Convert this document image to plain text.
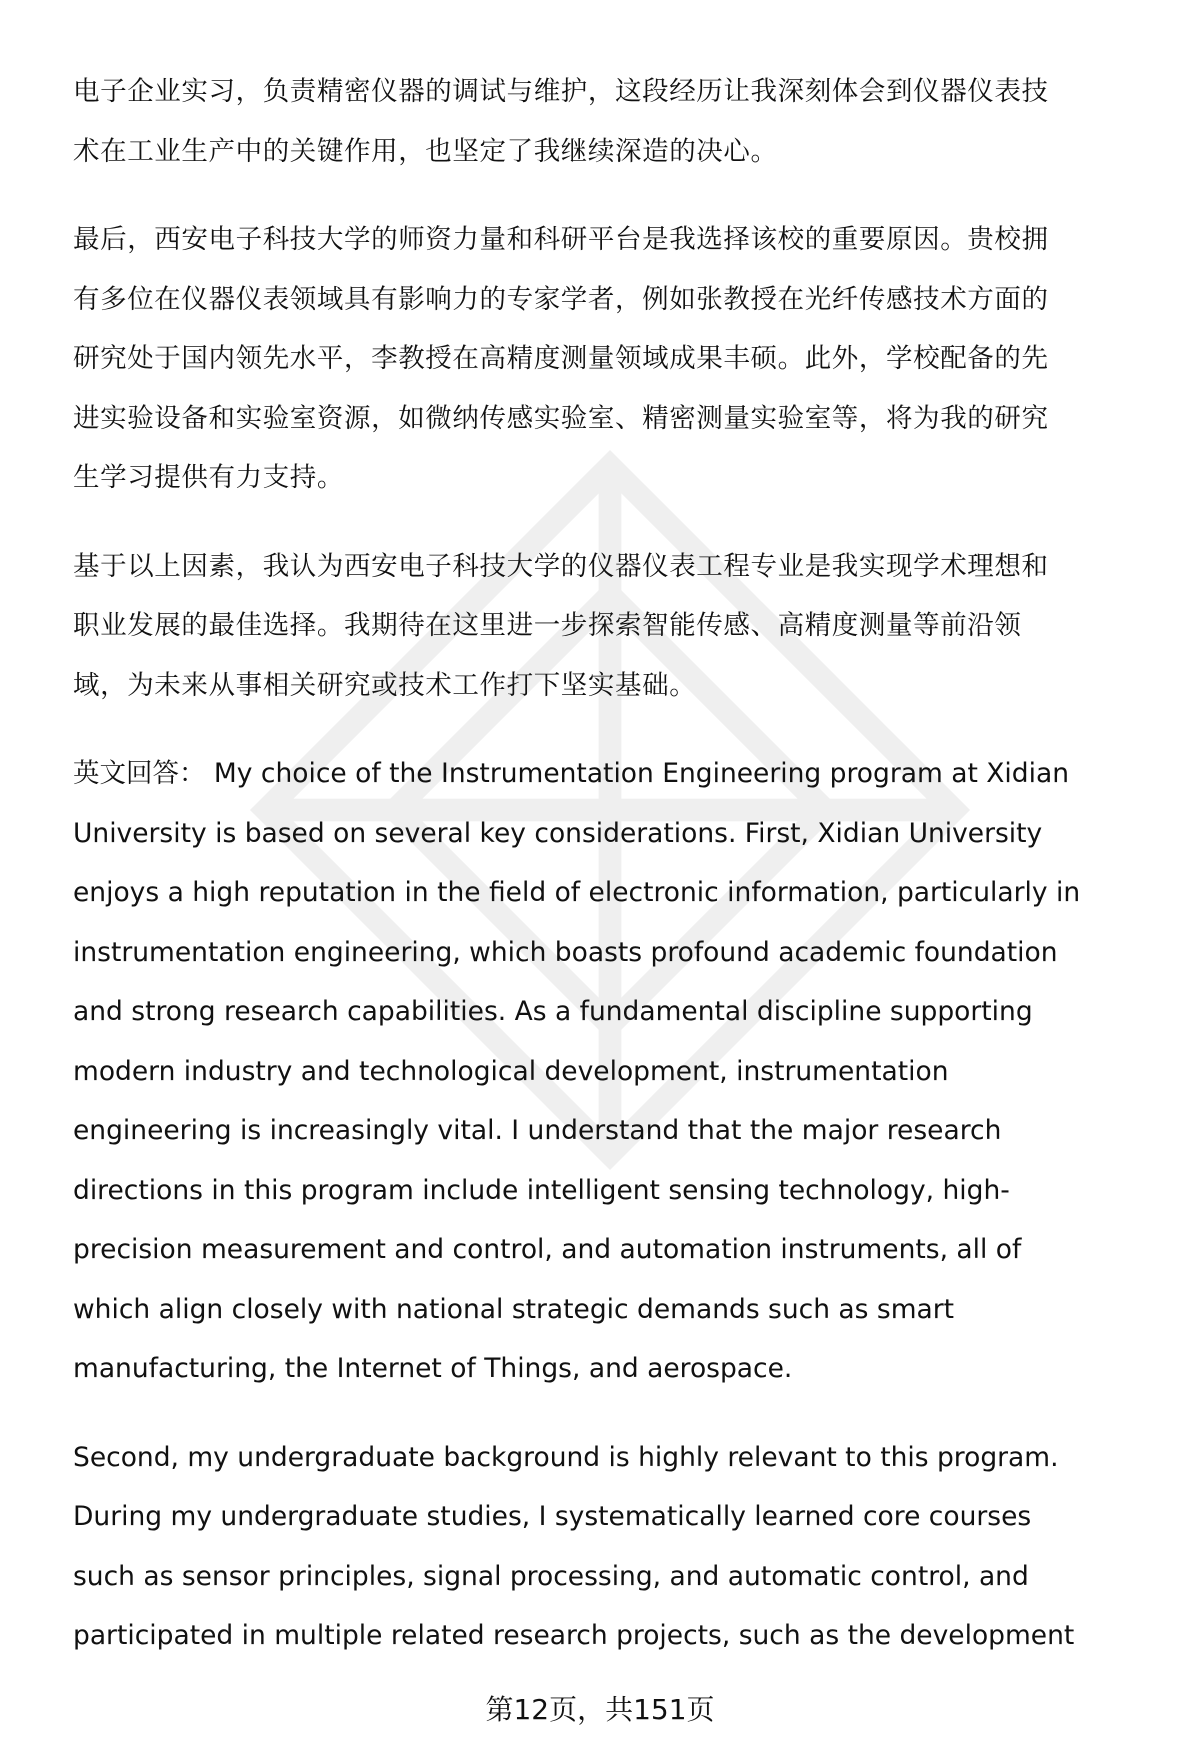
电子企业实习，负责精密仪器的调试与维护，这段经历让我深刻体会到仪器仪表技
术在工业生产中的关键作用，也坚定了我继续深造的决心。

最后，西安电子科技大学的师资力量和科研平台是我选择该校的重要原因。贵校拥
有多位在仪器仪表领域具有影响力的专家学者，例如张教授在光纤传感技术方面的
研究处于国内领先水平，李教授在高精度测量领域成果丰硕。此外，学校配备的先
进实验设备和实验室资源，如微纳传感实验室、精密测量实验室等，将为我的研究
生学习提供有力支持。

基于以上因素，我认为西安电子科技大学的仪器仪表工程专业是我实现学术理想和
职业发展的最佳选择。我期待在这里进一步探索智能传感、高精度测量等前沿领
域，为未来从事相关研究或技术工作打下坚实基础。

英文回答： My choice of the Instrumentation Engineering program at Xidian
University is based on several key considerations. First, Xidian University
enjoys a high reputation in the field of electronic information, particularly in
instrumentation engineering, which boasts profound academic foundation
and strong research capabilities. As a fundamental discipline supporting
modern industry and technological development, instrumentation
engineering is increasingly vital. I understand that the major research
directions in this program include intelligent sensing technology, high-
precision measurement and control, and automation instruments, all of
which align closely with national strategic demands such as smart
manufacturing, the Internet of Things, and aerospace.

Second, my undergraduate background is highly relevant to this program.
During my undergraduate studies, I systematically learned core courses
such as sensor principles, signal processing, and automatic control, and
participated in multiple related research projects, such as the development

第12页，共151页
